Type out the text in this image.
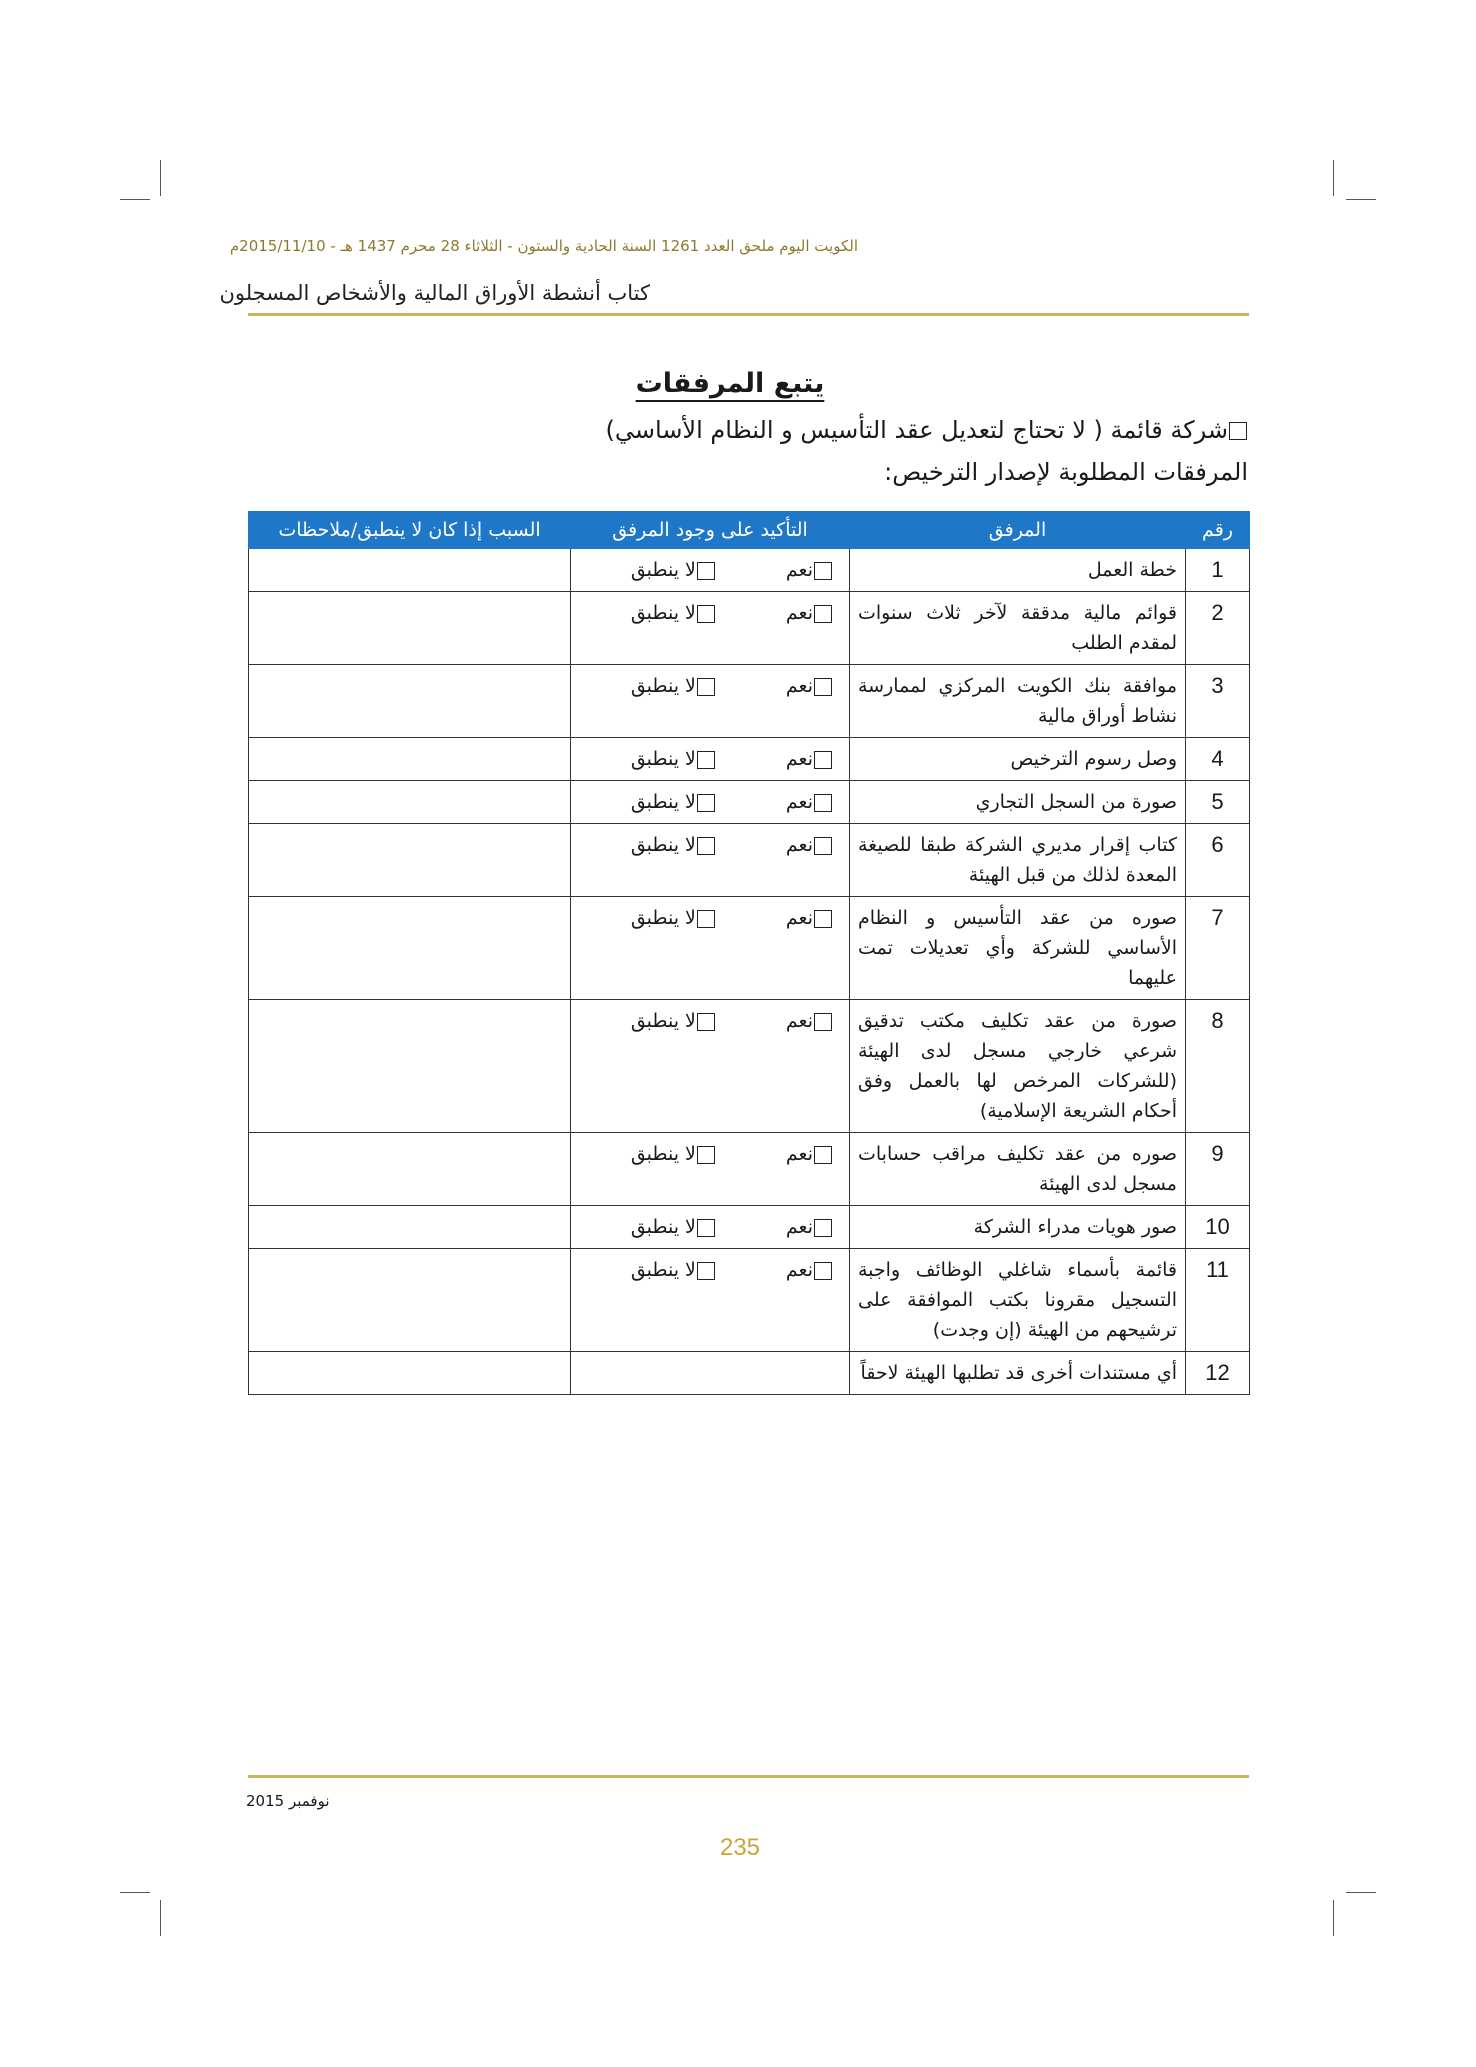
الكويت اليوم ملحق العدد 1261 السنة الحادية والستون - الثلاثاء 28 محرم 1437 هـ - 2015/11/10م
كتاب أنشطة الأوراق المالية والأشخاص المسجلون
يتبع المرفقات
شركة قائمة ( لا تحتاج لتعديل عقد التأسيس و النظام الأساسي)
المرفقات المطلوبة لإصدار الترخيص:
رقم	المرفق	التأكيد على وجود المرفق	السبب إذا كان لا ينطبق/ملاحظات
1	خطة العمل	نعملا ينطبق	
2	قوائم مالية مدققة لآخر ثلاث سنوات لمقدم الطلب	نعملا ينطبق	
3	موافقة بنك الكويت المركزي لممارسة نشاط أوراق مالية	نعملا ينطبق	
4	وصل رسوم الترخيص	نعملا ينطبق	
5	صورة من السجل التجاري	نعملا ينطبق	
6	كتاب إقرار مديري الشركة طبقا للصيغة المعدة لذلك من قبل الهيئة	نعملا ينطبق	
7	صوره من عقد التأسيس و النظام الأساسي للشركة وأي تعديلات تمت عليهما	نعملا ينطبق	
8	صورة من عقد تكليف مكتب تدقيق شرعي خارجي مسجل لدى الهيئة (للشركات المرخص لها بالعمل وفق أحكام الشريعة الإسلامية)	نعملا ينطبق	
9	صوره من عقد تكليف مراقب حسابات مسجل لدى الهيئة	نعملا ينطبق	
10	صور هويات مدراء الشركة	نعملا ينطبق	
11	قائمة بأسماء شاغلي الوظائف واجبة التسجيل مقرونا بكتب الموافقة على ترشيحهم من الهيئة (إن وجدت)	نعملا ينطبق	
12	أي مستندات أخرى قد تطلبها الهيئة لاحقاً		
نوفمبر 2015
235
